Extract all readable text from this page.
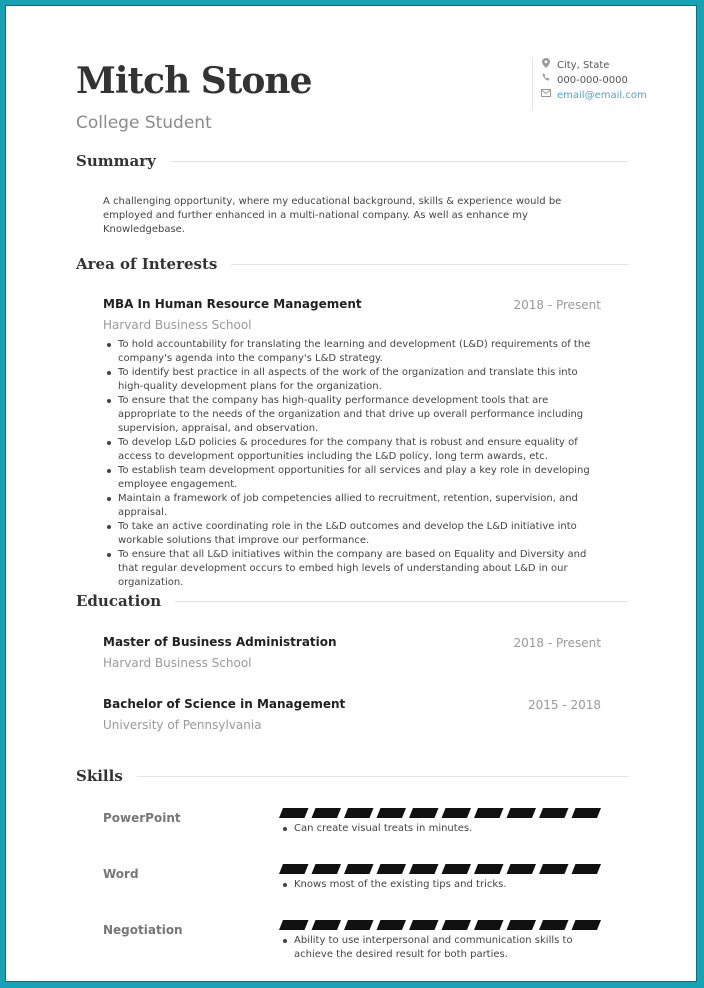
Mitch Stone
College Student
City, State
000-000-0000
email@email.com
Summary
A challenging opportunity, where my educational background, skills & experience would be employed and further enhanced in a multi-national company. As well as enhance my Knowledgebase.
Area of Interests
MBA In Human Resource Management	2018 - Present
Harvard Business School
To hold accountability for translating the learning and development (L&D) requirements of the company's agenda into the company's L&D strategy.
To identify best practice in all aspects of the work of the organization and translate this into high-quality development plans for the organization.
To ensure that the company has high-quality performance development tools that are appropriate to the needs of the organization and that drive up overall performance including supervision, appraisal, and observation.
To develop L&D policies & procedures for the company that is robust and ensure equality of access to development opportunities including the L&D policy, long term awards, etc.
To establish team development opportunities for all services and play a key role in developing employee engagement.
Maintain a framework of job competencies allied to recruitment, retention, supervision, and appraisal.
To take an active coordinating role in the L&D outcomes and develop the L&D initiative into workable solutions that improve our performance.
To ensure that all L&D initiatives within the company are based on Equality and Diversity and that regular development occurs to embed high levels of understanding about L&D in our organization.
Education
Master of Business Administration	2018 - Present
Harvard Business School
Bachelor of Science in Management	2015 - 2018
University of Pennsylvania
Skills
PowerPoint
Can create visual treats in minutes.
Word
Knows most of the existing tips and tricks.
Negotiation
Ability to use interpersonal and communication skills to achieve the desired result for both parties.
